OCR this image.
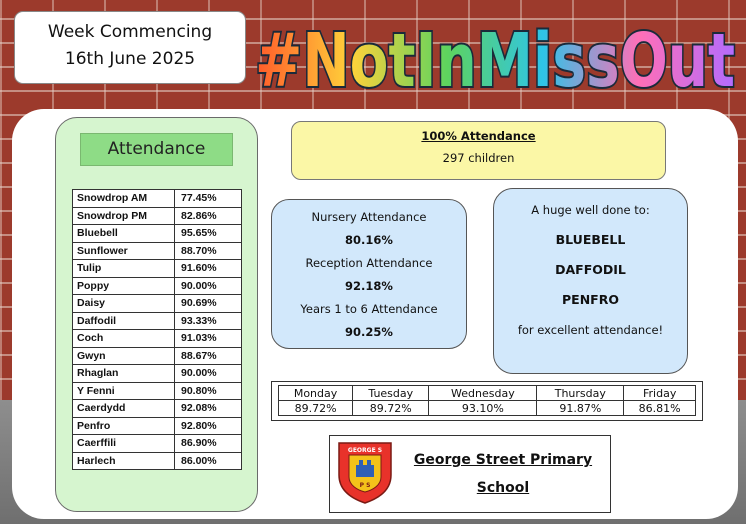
Week Commencing
16th June 2025 #NotInMissOut
Attendance
Snowdrop AM	77.45%
Snowdrop PM	82.86%
Bluebell	95.65%
Sunflower	88.70%
Tulip	91.60%
Poppy	90.00%
Daisy	90.69%
Daffodil	93.33%
Coch	91.03%
Gwyn	88.67%
Rhaglan	90.00%
Y Fenni	90.80%
Caerdydd	92.08%
Penfro	92.80%
Caerffili	86.90%
Harlech	86.00%
100% Attendance
297 children
Nursery Attendance
80.16%
Reception Attendance
92.18%
Years 1 to 6 Attendance
90.25%
A huge well done to:
BLUEBELL
DAFFODIL
PENFRO
for excellent attendance!
Monday	Tuesday	Wednesday	Thursday	Friday
89.72%	89.72%	93.10%	91.87%	86.81%
GEORGE S
P S
George Street Primary
School
